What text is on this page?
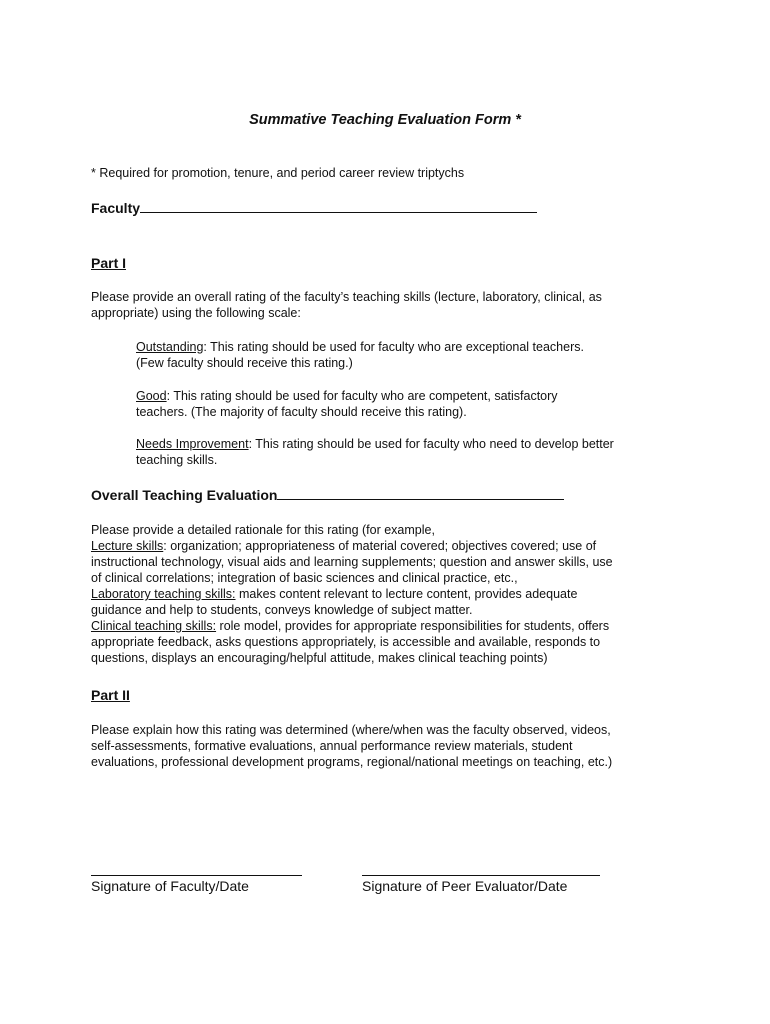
Summative Teaching Evaluation Form *
* Required for promotion, tenure, and period career review triptychs
Faculty
Part I
Please provide an overall rating of the faculty’s teaching skills (lecture, laboratory, clinical, as
appropriate) using the following scale:
Outstanding: This rating should be used for faculty who are exceptional teachers.
(Few faculty should receive this rating.)
Good: This rating should be used for faculty who are competent, satisfactory
teachers. (The majority of faculty should receive this rating).
Needs Improvement: This rating should be used for faculty who need to develop better
teaching skills.
Overall Teaching Evaluation
Please provide a detailed rationale for this rating (for example,
Lecture skills: organization; appropriateness of material covered; objectives covered; use of
instructional technology, visual aids and learning supplements; question and answer skills, use
of clinical correlations; integration of basic sciences and clinical practice, etc.,
Laboratory teaching skills: makes content relevant to lecture content, provides adequate
guidance and help to students, conveys knowledge of subject matter.
Clinical teaching skills: role model, provides for appropriate responsibilities for students, offers
appropriate feedback, asks questions appropriately, is accessible and available, responds to
questions, displays an encouraging/helpful attitude, makes clinical teaching points)
Part II
Please explain how this rating was determined (where/when was the faculty observed, videos,
self-assessments, formative evaluations, annual performance review materials, student
evaluations, professional development programs, regional/national meetings on teaching, etc.)
Signature of Faculty/Date	Signature of Peer Evaluator/Date
